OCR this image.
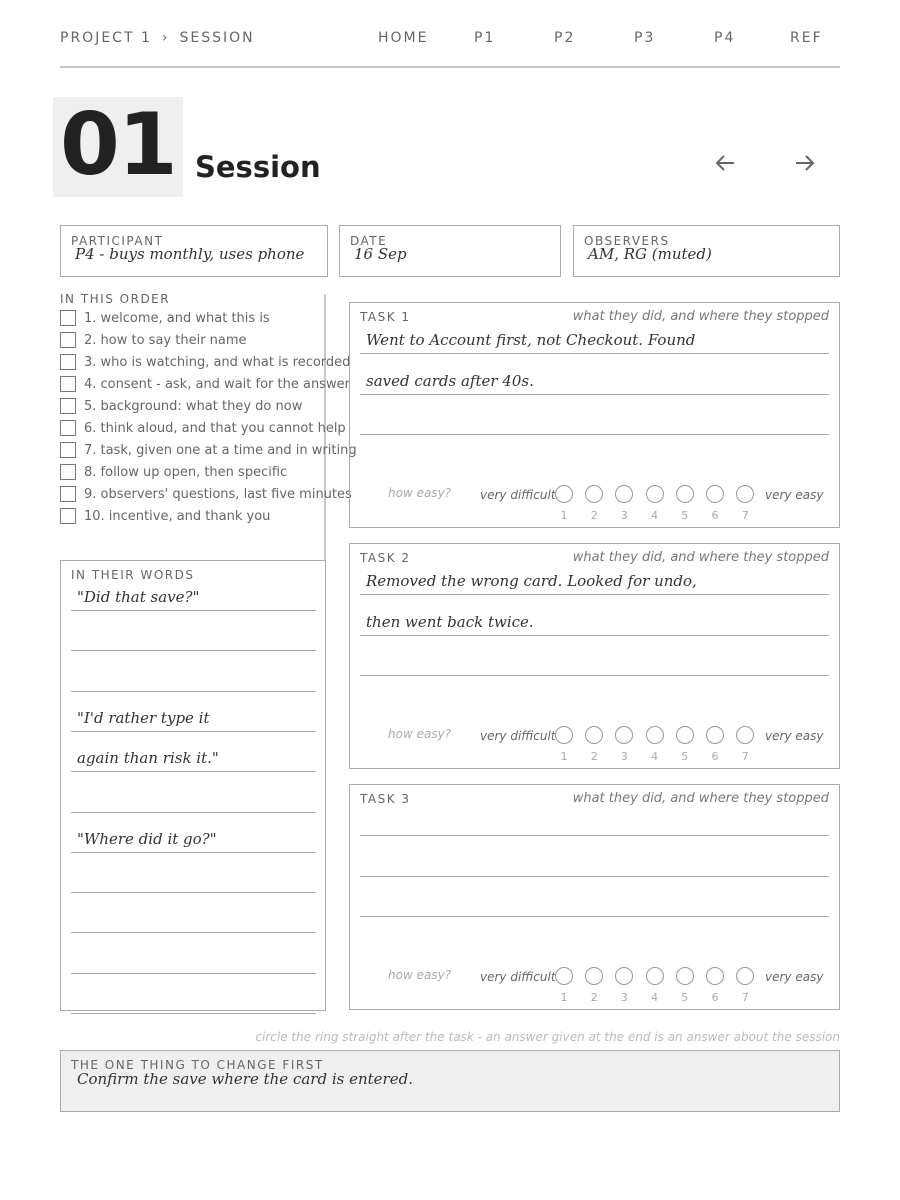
PROJECT 1 › SESSION	HOME	P1	P2	P3	P4	REF
01 Session
PARTICIPANT
P4 - buys monthly, uses phone
DATE
16 Sep
OBSERVERS
AM, RG (muted)
IN THIS ORDER
1. welcome, and what this is
2. how to say their name
3. who is watching, and what is recorded
4. consent - ask, and wait for the answer
5. background: what they do now
6. think aloud, and that you cannot help
7. task, given one at a time and in writing
8. follow up open, then specific
9. observers' questions, last five minutes
10. incentive, and thank you
IN THEIR WORDS
"Did that save?"
"I'd rather type it
again than risk it."
"Where did it go?"
TASK 1	what they did, and where they stopped
Went to Account first, not Checkout. Found
saved cards after 40s.
how easy? very difficult	very easy
1	2	3	4	5	6	7
TASK 2	what they did, and where they stopped
Removed the wrong card. Looked for undo,
then went back twice.
how easy? very difficult	very easy
1	2	3	4	5	6	7
TASK 3	what they did, and where they stopped
how easy? very difficult	very easy
1	2	3	4	5	6	7
circle the ring straight after the task - an answer given at the end is an answer about the session
THE ONE THING TO CHANGE FIRST
Confirm the save where the card is entered.
